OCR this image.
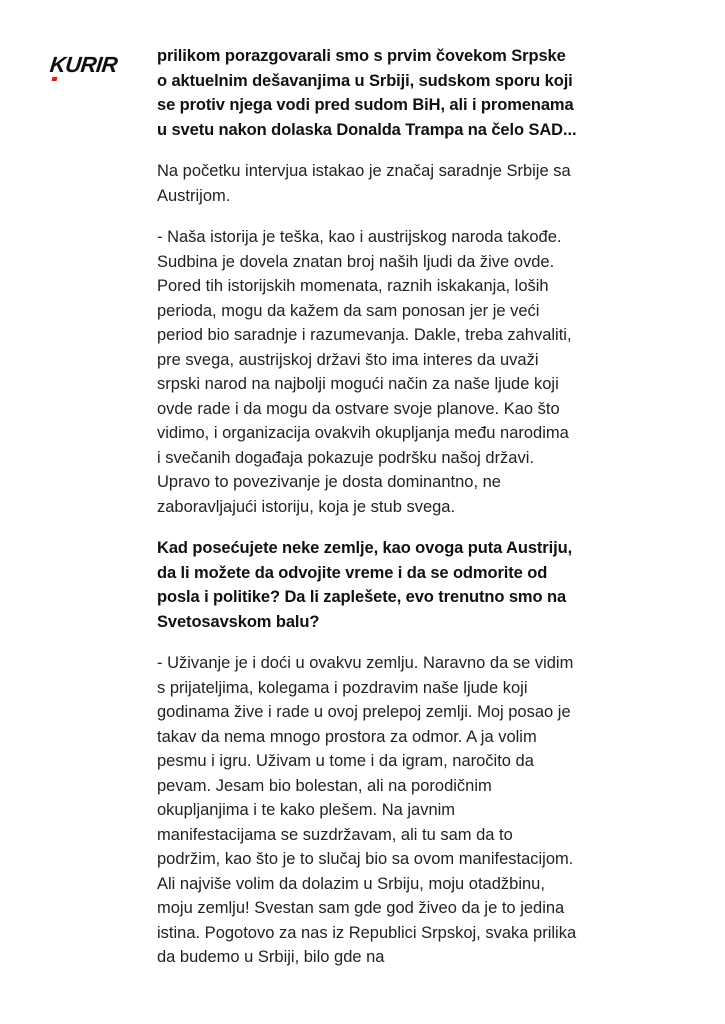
KURIR prilikom porazgovarali smo s prvim čovekom Srpske o aktuelnim dešavanjima u Srbiji, sudskom sporu koji se protiv njega vodi pred sudom BiH, ali i promenama u svetu nakon dolaska Donalda Trampa na čelo SAD...

Na početku intervjua istakao je značaj saradnje Srbije sa Austrijom.

- Naša istorija je teška, kao i austrijskog naroda takođe. Sudbina je dovela znatan broj naših ljudi da žive ovde. Pored tih istorijskih momenata, raznih iskakanja, loših perioda, mogu da kažem da sam ponosan jer je veći period bio saradnje i razumevanja. Dakle, treba zahvaliti, pre svega, austrijskoj državi što ima interes da uvaži srpski narod na najbolji mogući način za naše ljude koji ovde rade i da mogu da ostvare svoje planove. Kao što vidimo, i organizacija ovakvih okupljanja među narodima i svečanih događaja pokazuje podršku našoj državi. Upravo to povezivanje je dosta dominantno, ne zaboravljajući istoriju, koja je stub svega.

Kad posećujete neke zemlje, kao ovoga puta Austriju, da li možete da odvojite vreme i da se odmorite od posla i politike? Da li zaplešete, evo trenutno smo na Svetosavskom balu?

- Uživanje je i doći u ovakvu zemlju. Naravno da se vidim s prijateljima, kolegama i pozdravim naše ljude koji godinama žive i rade u ovoj prelepoj zemlji. Moj posao je takav da nema mnogo prostora za odmor. A ja volim pesmu i igru. Uživam u tome i da igram, naročito da pevam. Jesam bio bolestan, ali na porodičnim okupljanjima i te kako plešem. Na javnim manifestacijama se suzdržavam, ali tu sam da to podržim, kao što je to slučaj bio sa ovom manifestacijom. Ali najviše volim da dolazim u Srbiju, moju otadžbinu, moju zemlju! Svestan sam gde god živeo da je to jedina istina. Pogotovo za nas iz Republici Srpskoj, svaka prilika da budemo u Srbiji, bilo gde na
